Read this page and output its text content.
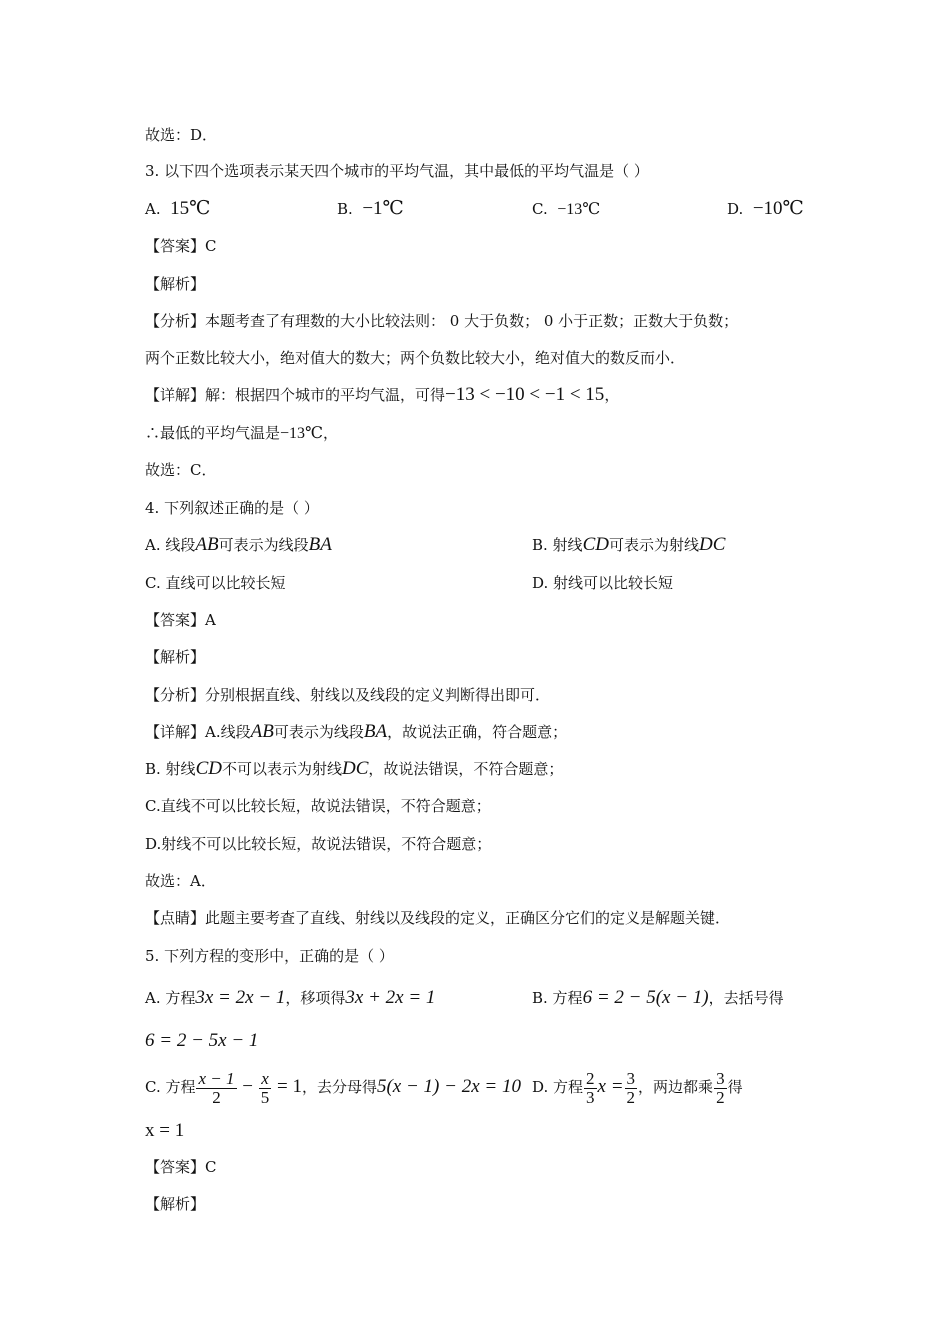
故选：D．
3. 以下四个选项表示某天四个城市的平均气温，其中最低的平均气温是（ ）
A. 15℃	B. −1℃	C. −13℃	D. −10℃
【答案】C
【解析】
【分析】本题考查了有理数的大小比较法则： 0 大于负数； 0 小于正数；正数大于负数；
两个正数比较大小，绝对值大的数大；两个负数比较大小，绝对值大的数反而小．
【详解】解：根据四个城市的平均气温，可得−13 < −10 < −1 < 15，
∴最低的平均气温是−13℃，
故选：C．
4. 下列叙述正确的是（ ）
A. 线段AB可表示为线段BA	B. 射线CD可表示为射线DC
C. 直线可以比较长短	D. 射线可以比较长短
【答案】A
【解析】
【分析】分别根据直线、射线以及线段的定义判断得出即可．
【详解】A.线段AB可表示为线段BA，故说法正确，符合题意；
B. 射线CD不可以表示为射线DC，故说法错误，不符合题意；
C.直线不可以比较长短，故说法错误，不符合题意；
D.射线不可以比较长短，故说法错误，不符合题意；
故选：A．
【点睛】此题主要考查了直线、射线以及线段的定义，正确区分它们的定义是解题关键．
5. 下列方程的变形中，正确的是（ ）
A. 方程3x = 2x − 1，移项得3x + 2x = 1	B. 方程6 = 2 − 5(x − 1)，去括号得
6 = 2 − 5x − 1
C. 方程 $\frac{x - 1}{2} - \frac{x}{5} = 1$，去分母得5(x − 1) − 2x = 10 D. 方程 $\frac{2}{3}$ $x = \frac{3}{2}$ ，两边都乘 $\frac{3}{2}$ 得
x = 1
【答案】C
【解析】
